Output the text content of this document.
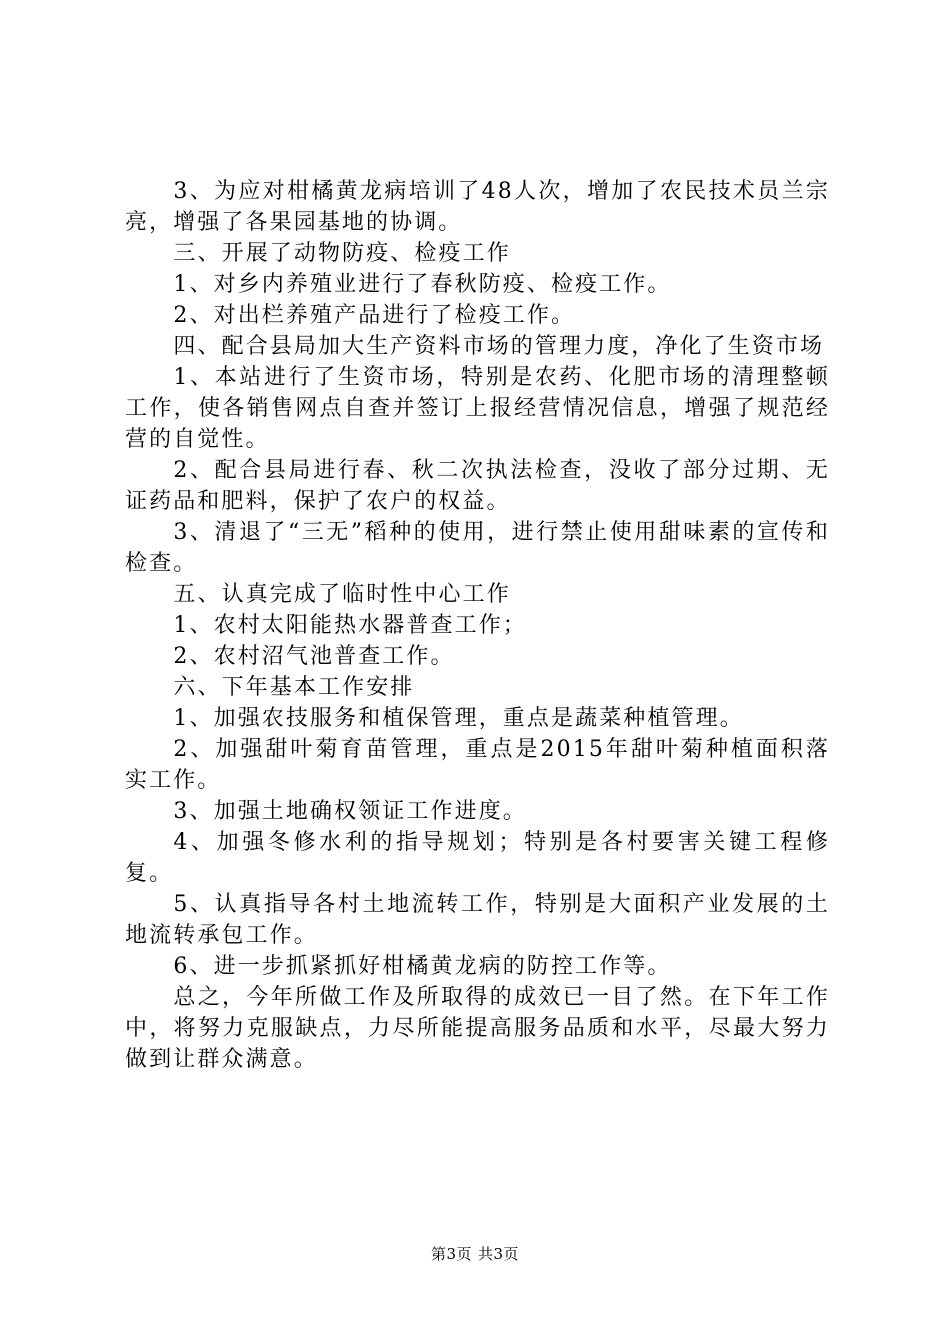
3、为应对柑橘黄龙病培训了48人次，增加了农民技术员兰宗亮，增强了各果园基地的协调。

三、开展了动物防疫、检疫工作

1、对乡内养殖业进行了春秋防疫、检疫工作。

2、对出栏养殖产品进行了检疫工作。

四、配合县局加大生产资料市场的管理力度，净化了生资市场

1、本站进行了生资市场，特别是农药、化肥市场的清理整顿工作，使各销售网点自查并签订上报经营情况信息，增强了规范经营的自觉性。

2、配合县局进行春、秋二次执法检查，没收了部分过期、无证药品和肥料，保护了农户的权益。

3、清退了“三无”稻种的使用，进行禁止使用甜味素的宣传和检查。

五、认真完成了临时性中心工作

1、农村太阳能热水器普查工作；

2、农村沼气池普查工作。

六、下年基本工作安排

1、加强农技服务和植保管理，重点是蔬菜种植管理。

2、加强甜叶菊育苗管理，重点是2015年甜叶菊种植面积落实工作。

3、加强土地确权领证工作进度。

4、加强冬修水利的指导规划；特别是各村要害关键工程修复。

5、认真指导各村土地流转工作，特别是大面积产业发展的土地流转承包工作。

6、进一步抓紧抓好柑橘黄龙病的防控工作等。

总之，今年所做工作及所取得的成效已一目了然。在下年工作中，将努力克服缺点，力尽所能提高服务品质和水平，尽最大努力做到让群众满意。

第3页 共3页
